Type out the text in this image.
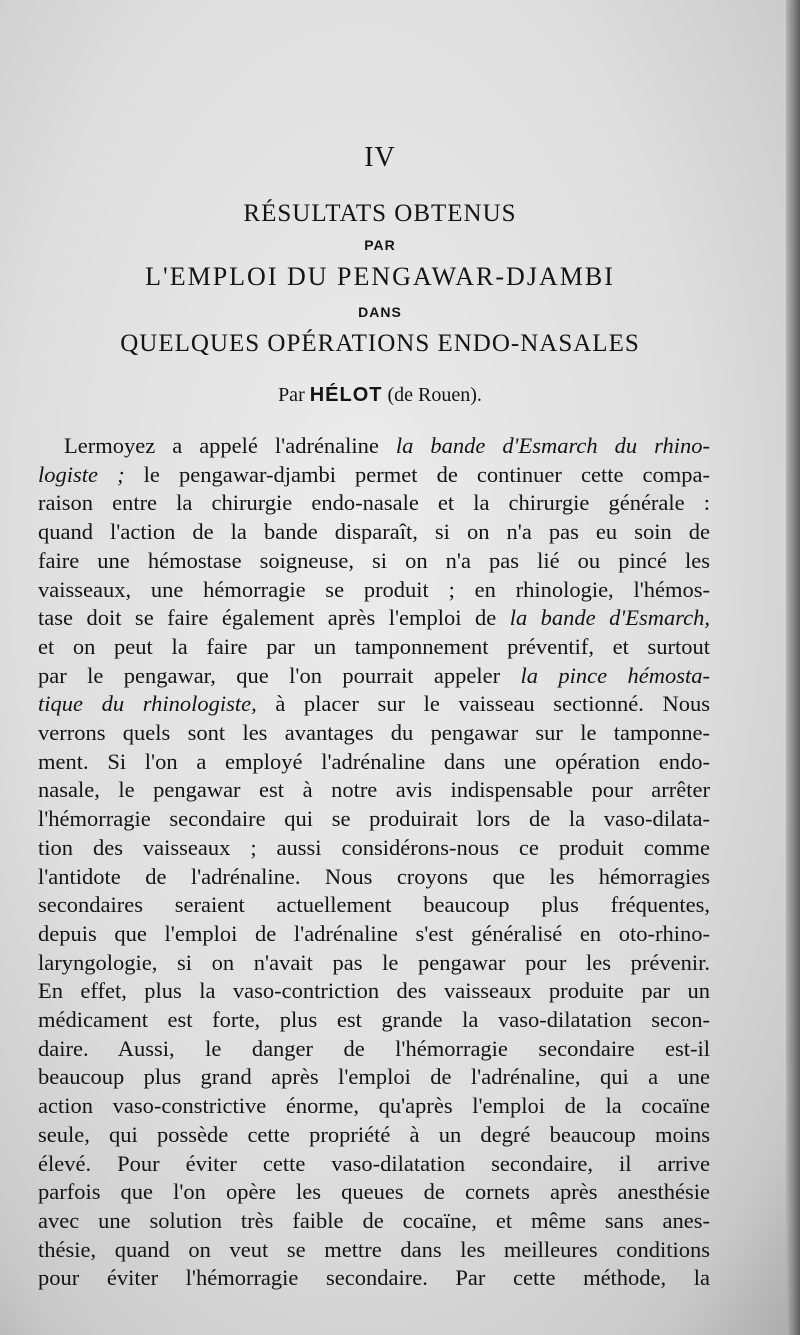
IV
RÉSULTATS OBTENUS
PAR
L'EMPLOI DU PENGAWAR-DJAMBI
DANS
QUELQUES OPÉRATIONS ENDO-NASALES
Par HÉLOT (de Rouen).
Lermoyez a appelé l'adrénaline la bande d'Esmarch du rhino-
logiste ; le pengawar-djambi permet de continuer cette compa-
raison entre la chirurgie endo-nasale et la chirurgie générale :
quand l'action de la bande disparaît, si on n'a pas eu soin de
faire une hémostase soigneuse, si on n'a pas lié ou pincé les
vaisseaux, une hémorragie se produit ; en rhinologie, l'hémos-
tase doit se faire également après l'emploi de la bande d'Esmarch,
et on peut la faire par un tamponnement préventif, et surtout
par le pengawar, que l'on pourrait appeler la pince hémosta-
tique du rhinologiste, à placer sur le vaisseau sectionné. Nous
verrons quels sont les avantages du pengawar sur le tamponne-
ment. Si l'on a employé l'adrénaline dans une opération endo-
nasale, le pengawar est à notre avis indispensable pour arrêter
l'hémorragie secondaire qui se produirait lors de la vaso-dilata-
tion des vaisseaux ; aussi considérons-nous ce produit comme
l'antidote de l'adrénaline. Nous croyons que les hémorragies
secondaires seraient actuellement beaucoup plus fréquentes,
depuis que l'emploi de l'adrénaline s'est généralisé en oto-rhino-
laryngologie, si on n'avait pas le pengawar pour les prévenir.
En effet, plus la vaso-contriction des vaisseaux produite par un
médicament est forte, plus est grande la vaso-dilatation secon-
daire. Aussi, le danger de l'hémorragie secondaire est-il
beaucoup plus grand après l'emploi de l'adrénaline, qui a une
action vaso-constrictive énorme, qu'après l'emploi de la cocaïne
seule, qui possède cette propriété à un degré beaucoup moins
élevé. Pour éviter cette vaso-dilatation secondaire, il arrive
parfois que l'on opère les queues de cornets après anesthésie
avec une solution très faible de cocaïne, et même sans anes-
thésie, quand on veut se mettre dans les meilleures conditions
pour éviter l'hémorragie secondaire. Par cette méthode, la
